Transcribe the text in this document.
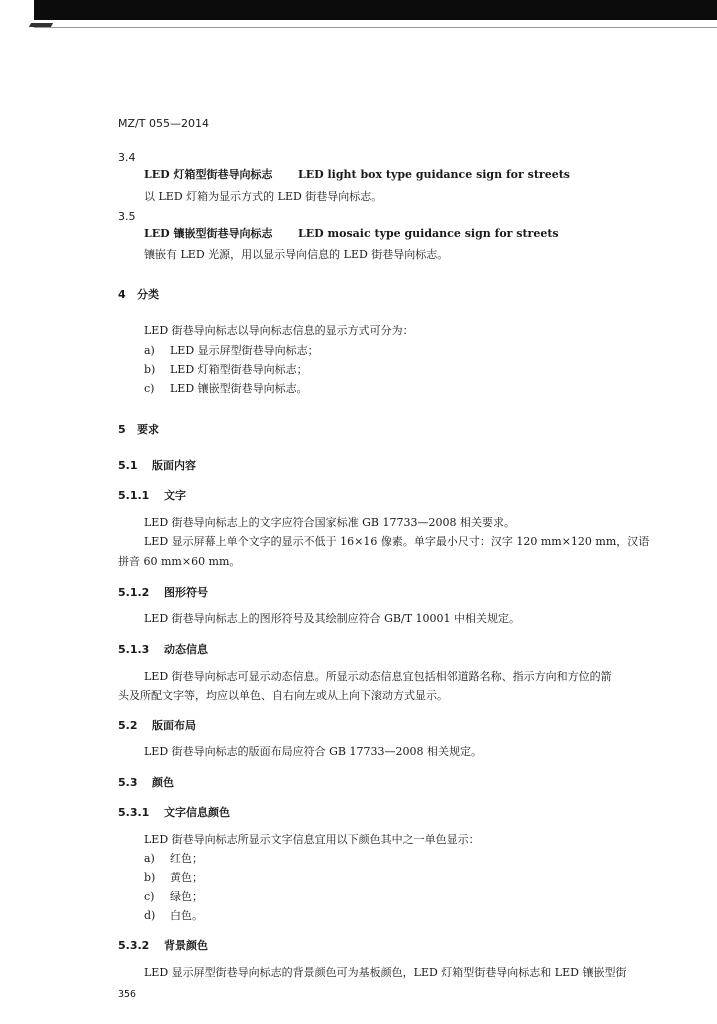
MZ/T 055—2014
3.4
LED 灯箱型街巷导向标志 LED light box type guidance sign for streets
以 LED 灯箱为显示方式的 LED 街巷导向标志。
3.5
LED 镶嵌型街巷导向标志 LED mosaic type guidance sign for streets
镶嵌有 LED 光源，用以显示导向信息的 LED 街巷导向标志。
4 分类
LED 街巷导向标志以导向标志信息的显示方式可分为：
a) LED 显示屏型街巷导向标志；
b) LED 灯箱型街巷导向标志；
c) LED 镶嵌型街巷导向标志。
5 要求
5.1 版面内容
5.1.1 文字
LED 街巷导向标志上的文字应符合国家标准 GB 17733—2008 相关要求。
LED 显示屏幕上单个文字的显示不低于 16×16 像素。单字最小尺寸：汉字 120 mm×120 mm，汉语
拼音 60 mm×60 mm。
5.1.2 图形符号
LED 街巷导向标志上的图形符号及其绘制应符合 GB/T 10001 中相关规定。
5.1.3 动态信息
LED 街巷导向标志可显示动态信息。所显示动态信息宜包括相邻道路名称、指示方向和方位的箭
头及所配文字等，均应以单色、自右向左或从上向下滚动方式显示。
5.2 版面布局
LED 街巷导向标志的版面布局应符合 GB 17733—2008 相关规定。
5.3 颜色
5.3.1 文字信息颜色
LED 街巷导向标志所显示文字信息宜用以下颜色其中之一单色显示：
a) 红色；
b) 黄色；
c) 绿色；
d) 白色。
5.3.2 背景颜色
LED 显示屏型街巷导向标志的背景颜色可为基板颜色，LED 灯箱型街巷导向标志和 LED 镶嵌型街
356
